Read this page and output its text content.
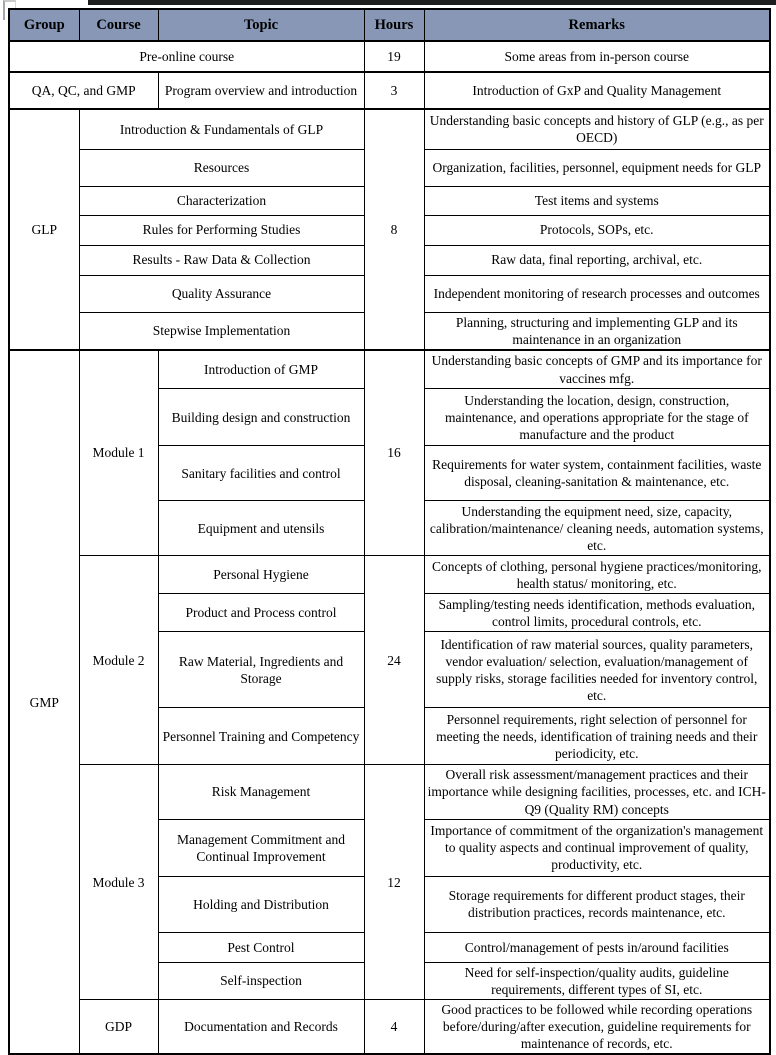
Group	Course	Topic	Hours	Remarks
Pre-online course			19	Some areas from in-person course
QA, QC, and GMP		Program overview and introduction	3	Introduction of GxP and Quality Management
GLP	Introduction & Fundamentals of GLP		8	Understanding basic concepts and history of GLP (e.g., as per OECD)
	Resources			Organization, facilities, personnel, equipment needs for GLP
	Characterization			Test items and systems
	Rules for Performing Studies			Protocols, SOPs, etc.
	Results - Raw Data & Collection			Raw data, final reporting, archival, etc.
	Quality Assurance			Independent monitoring of research processes and outcomes
	Stepwise Implementation			Planning, structuring and implementing GLP and its maintenance in an organization
GMP	Module 1	Introduction of GMP	16	Understanding basic concepts of GMP and its importance for vaccines mfg.
		Building design and construction		Understanding the location, design, construction, maintenance, and operations appropriate for the stage of manufacture and the product
		Sanitary facilities and control		Requirements for water system, containment facilities, waste disposal, cleaning-sanitation & maintenance, etc.
		Equipment and utensils		Understanding the equipment need, size, capacity, calibration/maintenance/ cleaning needs, automation systems, etc.
	Module 2	Personal Hygiene	24	Concepts of clothing, personal hygiene practices/monitoring, health status/ monitoring, etc.
		Product and Process control		Sampling/testing needs identification, methods evaluation, control limits, procedural controls, etc.
		Raw Material, Ingredients and Storage		Identification of raw material sources, quality parameters, vendor evaluation/ selection, evaluation/management of supply risks, storage facilities needed for inventory control, etc.
		Personnel Training and Competency		Personnel requirements, right selection of personnel for meeting the needs, identification of training needs and their periodicity, etc.
	Module 3	Risk Management	12	Overall risk assessment/management practices and their importance while designing facilities, processes, etc. and ICH-Q9 (Quality RM) concepts
		Management Commitment and Continual Improvement		Importance of commitment of the organization's management to quality aspects and continual improvement of quality, productivity, etc.
		Holding and Distribution		Storage requirements for different product stages, their distribution practices, records maintenance, etc.
		Pest Control		Control/management of pests in/around facilities
		Self-inspection		Need for self-inspection/quality audits, guideline requirements, different types of SI, etc.
	GDP	Documentation and Records	4	Good practices to be followed while recording operations before/during/after execution, guideline requirements for maintenance of records, etc.
